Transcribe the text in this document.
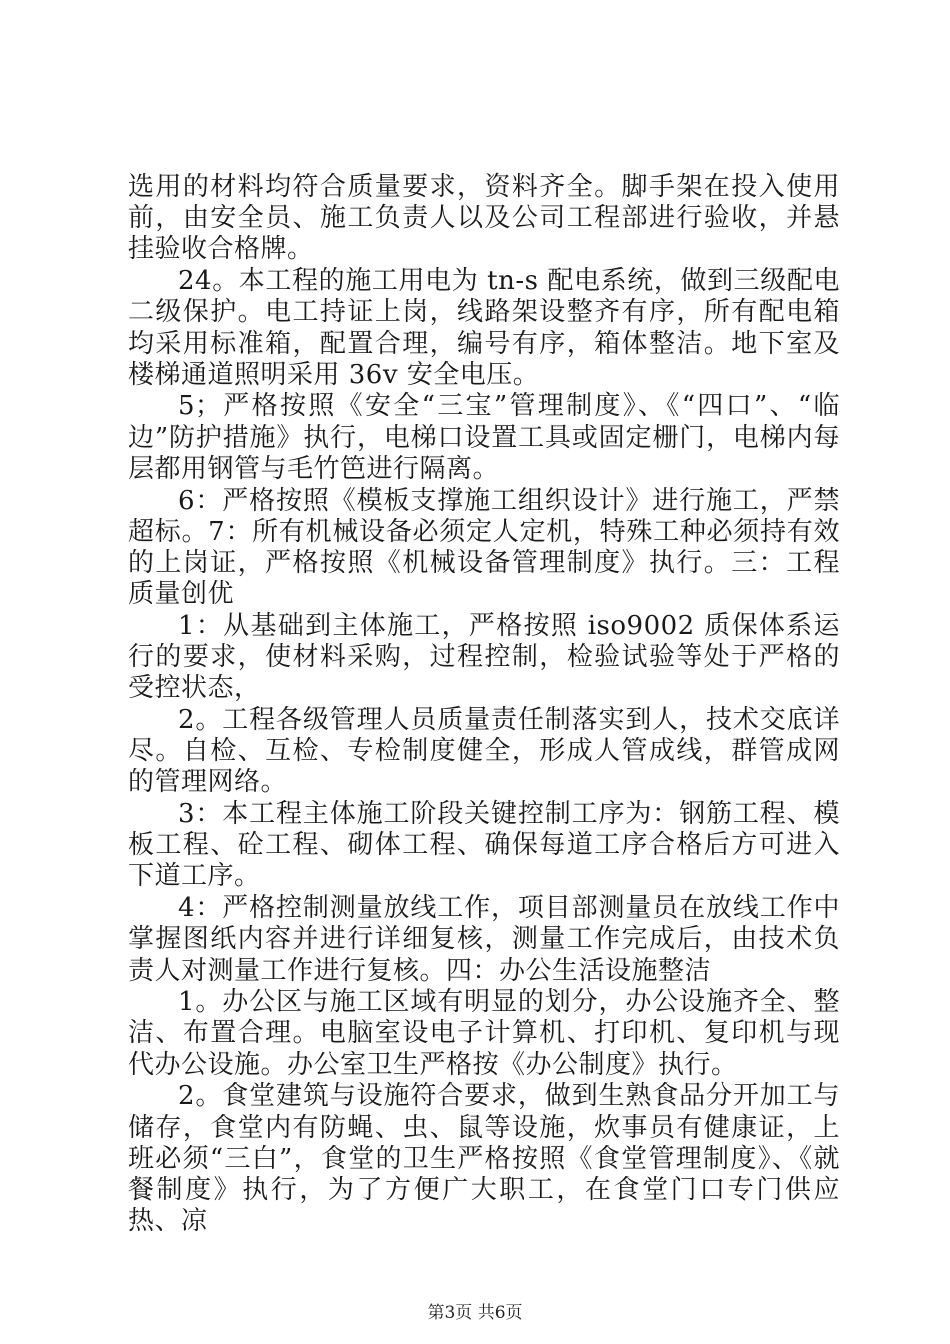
选用的材料均符合质量要求，资料齐全。脚手架在投入使用前，由安全员、施工负责人以及公司工程部进行验收，并悬挂验收合格牌。

24。本工程的施工用电为 tn-s 配电系统，做到三级配电二级保护。电工持证上岗，线路架设整齐有序，所有配电箱均采用标准箱，配置合理，编号有序，箱体整洁。地下室及楼梯通道照明采用 36v 安全电压。

5；严格按照《安全“三宝”管理制度》、《“四口”、“临边”防护措施》执行，电梯口设置工具或固定栅门，电梯内每层都用钢管与毛竹笆进行隔离。

6：严格按照《模板支撑施工组织设计》进行施工，严禁超标。7：所有机械设备必须定人定机，特殊工种必须持有效的上岗证，严格按照《机械设备管理制度》执行。三：工程质量创优

1：从基础到主体施工，严格按照 iso9002 质保体系运行的要求，使材料采购，过程控制，检验试验等处于严格的受控状态，

2。工程各级管理人员质量责任制落实到人，技术交底详尽。自检、互检、专检制度健全，形成人管成线，群管成网的管理网络。

3：本工程主体施工阶段关键控制工序为：钢筋工程、模板工程、砼工程、砌体工程、确保每道工序合格后方可进入下道工序。

4：严格控制测量放线工作，项目部测量员在放线工作中掌握图纸内容并进行详细复核，测量工作完成后，由技术负责人对测量工作进行复核。四：办公生活设施整洁

1。办公区与施工区域有明显的划分，办公设施齐全、整洁、布置合理。电脑室设电子计算机、打印机、复印机与现代办公设施。办公室卫生严格按《办公制度》执行。

2。食堂建筑与设施符合要求，做到生熟食品分开加工与储存，食堂内有防蝇、虫、鼠等设施，炊事员有健康证，上班必须“三白”，食堂的卫生严格按照《食堂管理制度》、《就餐制度》执行，为了方便广大职工，在食堂门口专门供应热、凉

第3页 共6页
